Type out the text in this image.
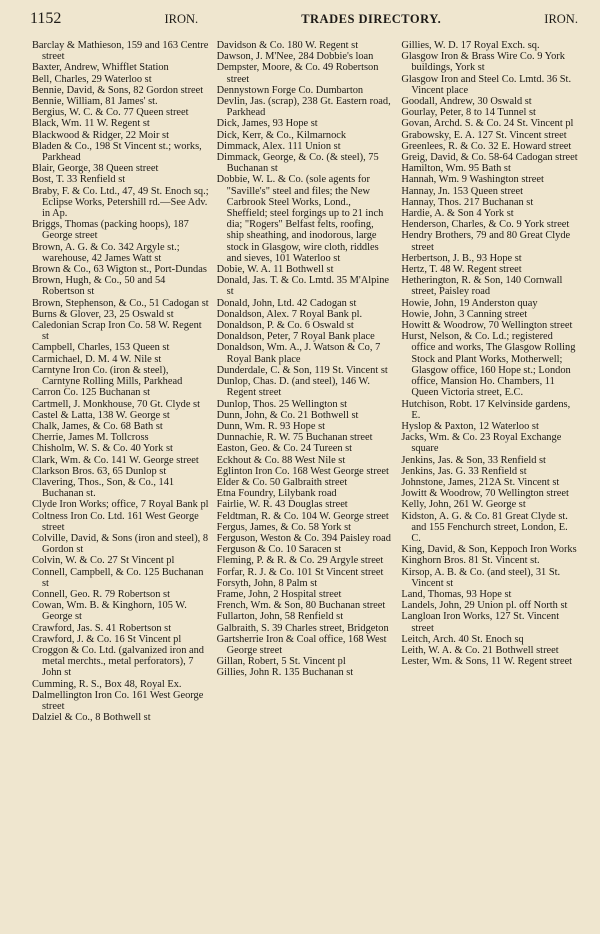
1152	IRON.	TRADES DIRECTORY.	IRON.

Barclay & Mathieson, 159 and 163 Centre street

Baxter, Andrew, Whifflet Station

Bell, Charles, 29 Waterloo st

Bennie, David, & Sons, 82 Gordon street

Bennie, William, 81 James' st.

Bergius, W. C. & Co. 77 Queen street

Black, Wm. 11 W. Regent st

Blackwood & Ridger, 22 Moir st

Bladen & Co., 198 St Vincent st.; works, Parkhead

Blair, George, 38 Queen street

Bost, T. 33 Renfield st

Braby, F. & Co. Ltd., 47, 49 St. Enoch sq.; Eclipse Works, Petershill rd.—See Adv. in Ap.

Briggs, Thomas (packing hoops), 187 George street

Brown, A. G. & Co. 342 Argyle st.; warehouse, 42 James Watt st

Brown & Co., 63 Wigton st., Port-Dundas

Brown, Hugh, & Co., 50 and 54 Robertson st

Brown, Stephenson, & Co., 51 Cadogan st

Burns & Glover, 23, 25 Oswald st

Caledonian Scrap Iron Co. 58 W. Regent st

Campbell, Charles, 153 Queen st

Carmichael, D. M. 4 W. Nile st

Carntyne Iron Co. (iron & steel), Carntyne Rolling Mills, Parkhead

Carron Co. 125 Buchanan st

Cartmell, J. Monkhouse, 70 Gt. Clyde st

Castel & Latta, 138 W. George st

Chalk, James, & Co. 68 Bath st

Cherrie, James M. Tollcross

Chisholm, W. S. & Co. 40 York st

Clark, Wm. & Co. 141 W. George street

Clarkson Bros. 63, 65 Dunlop st

Clavering, Thos., Son, & Co., 141 Buchanan st.

Clyde Iron Works; office, 7 Royal Bank pl

Coltness Iron Co. Ltd. 161 West George street

Colville, David, & Sons (iron and steel), 8 Gordon st

Colvin, W. & Co. 27 St Vincent pl

Connell, Campbell, & Co. 125 Buchanan st

Connell, Geo. R. 79 Robertson st

Cowan, Wm. B. & Kinghorn, 105 W. George st

Crawford, Jas. S. 41 Robertson st

Crawford, J. & Co. 16 St Vincent pl

Croggon & Co. Ltd. (galvanized iron and metal merchts., metal perforators), 7 John st

Cumming, R. S., Box 48, Royal Ex.

Dalmellington Iron Co. 161 West George street

Dalziel & Co., 8 Bothwell st

Davidson & Co. 180 W. Regent st

Dawson, J. M'Nee, 284 Dobbie's loan

Dempster, Moore, & Co. 49 Robertson street

Dennystown Forge Co. Dumbarton

Devlin, Jas. (scrap), 238 Gt. Eastern road, Parkhead

Dick, James, 93 Hope st

Dick, Kerr, & Co., Kilmarnock

Dimmack, Alex. 111 Union st

Dimmack, George, & Co. (& steel), 75 Buchanan st

Dobbie, W. L. & Co. (sole agents for "Saville's" steel and files; the New Carbrook Steel Works, Lond., Sheffield; steel forgings up to 21 inch dia; "Rogers" Belfast felts, roofing, ship sheathing, and inodorous, large stock in Glasgow, wire cloth, riddles and sieves, 101 Waterloo st

Dobie, W. A. 11 Bothwell st

Donald, Jas. T. & Co. Lmtd. 35 M'Alpine st

Donald, John, Ltd. 42 Cadogan st

Donaldson, Alex. 7 Royal Bank pl.

Donaldson, P. & Co. 6 Oswald st

Donaldson, Peter, 7 Royal Bank place

Donaldson, Wm. A., J. Watson & Co, 7 Royal Bank place

Dunderdale, C. & Son, 119 St. Vincent st

Dunlop, Chas. D. (and steel), 146 W. Regent street

Dunlop, Thos. 25 Wellington st

Dunn, John, & Co. 21 Bothwell st

Dunn, Wm. R. 93 Hope st

Dunnachie, R. W. 75 Buchanan street

Easton, Geo. & Co. 24 Tureen st

Eckhout & Co. 88 West Nile st

Eglinton Iron Co. 168 West George street

Elder & Co. 50 Galbraith street

Etna Foundry, Lilybank road

Fairlie, W. R. 43 Douglas street

Feldtman, R. & Co. 104 W. George street

Fergus, James, & Co. 58 York st

Ferguson, Weston & Co. 394 Paisley road

Ferguson & Co. 10 Saracen st

Fleming, P. & R. & Co. 29 Argyle street

Forfar, R. J. & Co. 101 St Vincent street

Forsyth, John, 8 Palm st

Frame, John, 2 Hospital street

French, Wm. & Son, 80 Buchanan street

Fullarton, John, 58 Renfield st

Galbraith, S. 39 Charles street, Bridgeton

Gartsherrie Iron & Coal office, 168 West George street

Gillan, Robert, 5 St. Vincent pl

Gillies, John R. 135 Buchanan st

Gillies, W. D. 17 Royal Exch. sq.

Glasgow Iron & Brass Wire Co. 9 York buildings, York st

Glasgow Iron and Steel Co. Lmtd. 36 St. Vincent place

Goodall, Andrew, 30 Oswald st

Gourlay, Peter, 8 to 14 Tunnel st

Govan, Archd. S. & Co. 24 St. Vincent pl

Grabowsky, E. A. 127 St. Vincent street

Greenlees, R. & Co. 32 E. Howard street

Greig, David, & Co. 58-64 Cadogan street

Hamilton, Wm. 95 Bath st

Hannah, Wm. 9 Washington street

Hannay, Jn. 153 Queen street

Hannay, Thos. 217 Buchanan st

Hardie, A. & Son 4 York st

Henderson, Charles, & Co. 9 York street

Hendry Brothers, 79 and 80 Great Clyde street

Herbertson, J. B., 93 Hope st

Hertz, T. 48 W. Regent street

Hetherington, R. & Son, 140 Cornwall street, Paisley road

Howie, John, 19 Anderston quay

Howie, John, 3 Canning street

Howitt & Woodrow, 70 Wellington street

Hurst, Nelson, & Co. Ld.; registered office and works, The Glasgow Rolling Stock and Plant Works, Motherwell; Glasgow office, 160 Hope st.; London office, Mansion Ho. Chambers, 11 Queen Victoria street, E.C.

Hutchison, Robt. 17 Kelvinside gardens, E.

Hyslop & Paxton, 12 Waterloo st

Jacks, Wm. & Co. 23 Royal Exchange square

Jenkins, Jas. & Son, 33 Renfield st

Jenkins, Jas. G. 33 Renfield st

Johnstone, James, 212A St. Vincent st

Jowitt & Woodrow, 70 Wellington street

Kelly, John, 261 W. George st

Kidston, A. G. & Co. 81 Great Clyde st. and 155 Fenchurch street, London, E. C.

King, David, & Son, Keppoch Iron Works

Kinghorn Bros. 81 St. Vincent st.

Kirsop, A. B. & Co. (and steel), 31 St. Vincent st

Land, Thomas, 93 Hope st

Landels, John, 29 Union pl. off North st

Langloan Iron Works, 127 St. Vincent street

Leitch, Arch. 40 St. Enoch sq

Leith, W. A. & Co. 21 Bothwell street

Lester, Wm. & Sons, 11 W. Regent street
